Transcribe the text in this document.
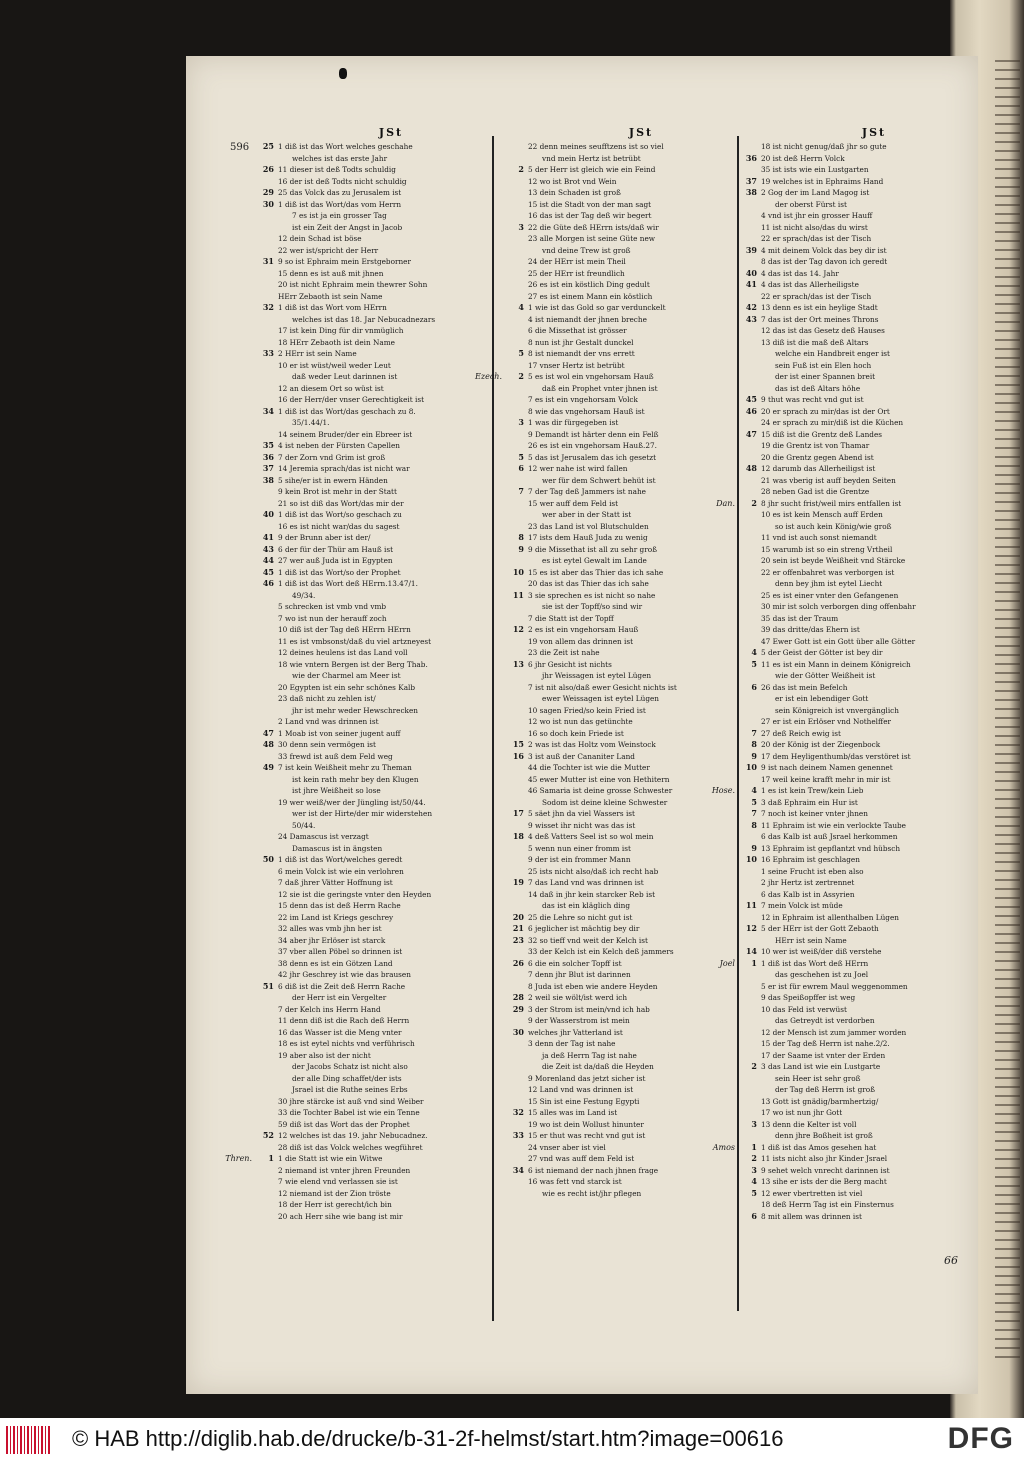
596
66
JSt
25 1 diß ist das Wort welches geschahe
welches ist das erste Jahr
26 11 dieser ist deß Todts schuldig
16 der ist deß Todts nicht schuldig
29 25 das Volck das zu Jerusalem ist
30 1 diß ist das Wort/das vom Herrn
7 es ist ja ein grosser Tag
ist ein Zeit der Angst in Jacob
12 dein Schad ist böse
22 wer ist/spricht der Herr
31 9 so ist Ephraim mein Erstgeborner
15 denn es ist auß mit jhnen
20 ist nicht Ephraim mein thewrer Sohn
HErr Zebaoth ist sein Name
32 1 diß ist das Wort vom HErrn
welches ist das 18. Jar Nebucadnezars
17 ist kein Ding für dir vnmüglich
18 HErr Zebaoth ist dein Name
33 2 HErr ist sein Name
10 er ist wüst/weil weder Leut
daß weder Leut darinnen ist
12 an diesem Ort so wüst ist
16 der Herr/der vnser Gerechtigkeit ist
34 1 diß ist das Wort/das geschach zu 8.
35/1.44/1.
14 seinem Bruder/der ein Ebreer ist
35 4 ist neben der Fürsten Capellen
36 7 der Zorn vnd Grim ist groß
37 14 Jeremia sprach/das ist nicht war
38 5 sihe/er ist in ewern Händen
9 kein Brot ist mehr in der Statt
21 so ist diß das Wort/das mir der
40 1 diß ist das Wort/so geschach zu
16 es ist nicht war/das du sagest
41 9 der Brunn aber ist der/
43 6 der für der Thür am Hauß ist
44 27 wer auß Juda ist in Egypten
45 1 diß ist das Wort/so der Prophet
46 1 diß ist das Wort deß HErrn.13.47/1.
49/34.
5 schrecken ist vmb vnd vmb
7 wo ist nun der herauff zoch
10 diß ist der Tag deß HErrn HErrn
11 es ist vmbsonst/daß du viel artzneyest
12 deines heulens ist das Land voll
18 wie vntern Bergen ist der Berg Thab.
wie der Charmel am Meer ist
20 Egypten ist ein sehr schönes Kalb
23 daß nicht zu zehlen ist/
jhr ist mehr weder Hewschrecken
2 Land vnd was drinnen ist
47 1 Moab ist von seiner jugent auff
48 30 denn sein vermögen ist
33 frewd ist auß dem Feld weg
49 7 ist kein Weißheit mehr zu Theman
ist kein rath mehr bey den Klugen
ist jhre Weißheit so lose
19 wer weiß/wer der Jüngling ist/50/44.
wer ist der Hirte/der mir widerstehen
50/44.
24 Damascus ist verzagt
Damascus ist in ängsten
50 1 diß ist das Wort/welches geredt
6 mein Volck ist wie ein verlohren
7 daß jhrer Vätter Hoffnung ist
12 sie ist die geringste vnter den Heyden
15 denn das ist deß Herrn Rache
22 im Land ist Kriegs geschrey
32 alles was vmb jhn her ist
34 aber jhr Erlöser ist starck
37 vber allen Pöbel so drinnen ist
38 denn es ist ein Götzen Land
42 jhr Geschrey ist wie das brausen
51 6 diß ist die Zeit deß Herrn Rache
der Herr ist ein Vergelter
7 der Kelch ins Herrn Hand
11 denn diß ist die Rach deß Herrn
16 das Wasser ist die Meng vnter
18 es ist eytel nichts vnd verführisch
19 aber also ist der nicht
der Jacobs Schatz ist nicht also
der alle Ding schaffet/der ists
Jsrael ist die Ruthe seines Erbs
30 jhre stärcke ist auß vnd sind Weiber
33 die Tochter Babel ist wie ein Tenne
59 diß ist das Wort das der Prophet
52 12 welches ist das 19. jahr Nebucadnez.
28 diß ist das Volck welches wegführet
Thren.	1 1 die Statt ist wie ein Witwe
2 niemand ist vnter jhren Freunden
7 wie elend vnd verlassen sie ist
12 niemand ist der Zion tröste
18 der Herr ist gerecht/ich bin
20 ach Herr sihe wie bang ist mir
JSt
22 denn meines seufftzens ist so viel
vnd mein Hertz ist betrübt
2 5 der Herr ist gleich wie ein Feind
12 wo ist Brot vnd Wein
13 dein Schaden ist groß
15 ist die Stadt von der man sagt
16 das ist der Tag deß wir begert
3 22 die Güte deß HErrn ists/daß wir
23 alle Morgen ist seine Güte new
vnd deine Trew ist groß
24 der HErr ist mein Theil
25 der HErr ist freundlich
26 es ist ein köstlich Ding gedult
27 es ist einem Mann ein köstlich
4 1 wie ist das Gold so gar verdunckelt
4 ist niemandt der jhnen breche
6 die Missethat ist grösser
8 nun ist jhr Gestalt dunckel
5 8 ist niemandt der vns errett
17 vnser Hertz ist betrübt
Ezech.	2 5 es ist wol ein vngehorsam Hauß
daß ein Prophet vnter jhnen ist
7 es ist ein vngehorsam Volck
8 wie das vngehorsam Hauß ist
3 1 was dir fürgegeben ist
9 Demandt ist härter denn ein Felß
26 es ist ein vngehorsam Hauß.27.
5 5 das ist Jerusalem das ich gesetzt
6 12 wer nahe ist wird fallen
wer für dem Schwert behüt ist
7 7 der Tag deß Jammers ist nahe
15 wer auff dem Feld ist
wer aber in der Statt ist
23 das Land ist vol Blutschulden
8 17 ists dem Hauß Juda zu wenig
9 9 die Missethat ist all zu sehr groß
es ist eytel Gewalt im Lande
10 15 es ist aber das Thier das ich sahe
20 das ist das Thier das ich sahe
11 3 sie sprechen es ist nicht so nahe
sie ist der Topff/so sind wir
7 die Statt ist der Topff
12 2 es ist ein vngehorsam Hauß
19 von allem das drinnen ist
23 die Zeit ist nahe
13 6 jhr Gesicht ist nichts
jhr Weissagen ist eytel Lügen
7 ist nit also/daß ewer Gesicht nichts ist
ewer Weissagen ist eytel Lügen
10 sagen Fried/so kein Fried ist
12 wo ist nun das getünchte
16 so doch kein Friede ist
15 2 was ist das Holtz vom Weinstock
16 3 ist auß der Cananiter Land
44 die Tochter ist wie die Mutter
45 ewer Mutter ist eine von Hethitern
46 Samaria ist deine grosse Schwester
Sodom ist deine kleine Schwester
17 5 säet jhn da viel Wassers ist
9 wisset ihr nicht was das ist
18 4 deß Vatters Seel ist so wol mein
5 wenn nun einer fromm ist
9 der ist ein frommer Mann
25 ists nicht also/daß ich recht hab
19 7 das Land vnd was drinnen ist
14 daß in jhr kein starcker Reb ist
das ist ein kläglich ding
20 25 die Lehre so nicht gut ist
21 6 jeglicher ist mächtig bey dir
23 32 so tieff vnd weit der Kelch ist
33 der Kelch ist ein Kelch deß jammers
26 6 die ein solcher Topff ist
7 denn jhr Blut ist darinnen
8 Juda ist eben wie andere Heyden
28 2 weil sie wölt/ist werd ich
29 3 der Strom ist mein/vnd ich hab
9 der Wasserstrom ist mein
30 welches jhr Vatterland ist
3 denn der Tag ist nahe
ja deß Herrn Tag ist nahe
die Zeit ist da/daß die Heyden
9 Morenland das jetzt sicher ist
12 Land vnd was drinnen ist
15 Sin ist eine Festung Egypti
32 15 alles was im Land ist
19 wo ist dein Wollust hinunter
33 15 er thut was recht vnd gut ist
24 vnser aber ist viel
27 vnd was auff dem Feld ist
34 6 ist niemand der nach jhnen frage
16 was fett vnd starck ist
wie es recht ist/jhr pflegen
JSt
18 ist nicht genug/daß jhr so gute
36 20 ist deß Herrn Volck
35 ist ists wie ein Lustgarten
37 19 welches ist in Ephraims Hand
38 2 Gog der im Land Magog ist
der oberst Fürst ist
4 vnd ist jhr ein grosser Hauff
11 ist nicht also/das du wirst
22 er sprach/das ist der Tisch
39 4 mit deinem Volck das bey dir ist
8 das ist der Tag davon ich geredt
40 4 das ist das 14. Jahr
41 4 das ist das Allerheiligste
22 er sprach/das ist der Tisch
42 13 denn es ist ein heylige Stadt
43 7 das ist der Ort meines Throns
12 das ist das Gesetz deß Hauses
13 diß ist die maß deß Altars
welche ein Handbreit enger ist
sein Fuß ist ein Elen hoch
der ist einer Spannen breit
das ist deß Altars höhe
45 9 thut was recht vnd gut ist
46 20 er sprach zu mir/das ist der Ort
24 er sprach zu mir/diß ist die Küchen
47 15 diß ist die Grentz deß Landes
19 die Grentz ist von Thamar
20 die Grentz gegen Abend ist
48 12 darumb das Allerheiligst ist
21 was vberig ist auff beyden Seiten
28 neben Gad ist die Grentze
Dan.	2 8 jhr sucht frist/weil mirs entfallen ist
10 es ist kein Mensch auff Erden
so ist auch kein König/wie groß
11 vnd ist auch sonst niemandt
15 warumb ist so ein streng Vrtheil
20 sein ist beyde Weißheit vnd Stärcke
22 er offenbahret was verborgen ist
denn bey jhm ist eytel Liecht
25 es ist einer vnter den Gefangenen
30 mir ist solch verborgen ding offenbahr
35 das ist der Traum
39 das dritte/das Ehern ist
47 Ewer Gott ist ein Gott über alle Götter
4 5 der Geist der Götter ist bey dir
5 11 es ist ein Mann in deinem Königreich
wie der Götter Weißheit ist
6 26 das ist mein Befelch
er ist ein lebendiger Gott
sein Königreich ist vnvergänglich
27 er ist ein Erlöser vnd Nothelffer
7 27 deß Reich ewig ist
8 20 der König ist der Ziegenbock
9 17 dem Heyligenthumb/das verstöret ist
10 9 ist nach deinem Namen genennet
17 weil keine krafft mehr in mir ist
Hose.	4 1 es ist kein Trew/kein Lieb
5 3 daß Ephraim ein Hur ist
7 7 noch ist keiner vnter jhnen
8 11 Ephraim ist wie ein verlockte Taube
6 das Kalb ist auß Jsrael herkommen
9 13 Ephraim ist gepflantzt vnd hübsch
10 16 Ephraim ist geschlagen
1 seine Frucht ist eben also
2 jhr Hertz ist zertrennet
6 das Kalb ist in Assyrien
11 7 mein Volck ist müde
12 in Ephraim ist allenthalben Lügen
12 5 der HErr ist der Gott Zebaoth
HErr ist sein Name
14 10 wer ist weiß/der diß verstehe
Joel	1 1 diß ist das Wort deß HErrn
das geschehen ist zu Joel
5 er ist für ewrem Maul weggenommen
9 das Speißopffer ist weg
10 das Feld ist verwüst
das Getreydt ist verdorben
12 der Mensch ist zum jammer worden
15 der Tag deß Herrn ist nahe.2/2.
17 der Saame ist vnter der Erden
2 3 das Land ist wie ein Lustgarte
sein Heer ist sehr groß
der Tag deß Herrn ist groß
13 Gott ist gnädig/barmhertzig/
17 wo ist nun jhr Gott
3 13 denn die Kelter ist voll
denn jhre Boßheit ist groß
Amos	1 1 diß ist das Amos gesehen hat
2 11 ists nicht also jhr Kinder Jsrael
3 9 sehet welch vnrecht darinnen ist
4 13 sihe er ists der die Berg macht
5 12 ewer vbertretten ist viel
18 deß Herrn Tag ist ein Finsternus
6 8 mit allem was drinnen ist
© HAB http://diglib.hab.de/drucke/b-31-2f-helmst/start.htm?image=00616	DFG
